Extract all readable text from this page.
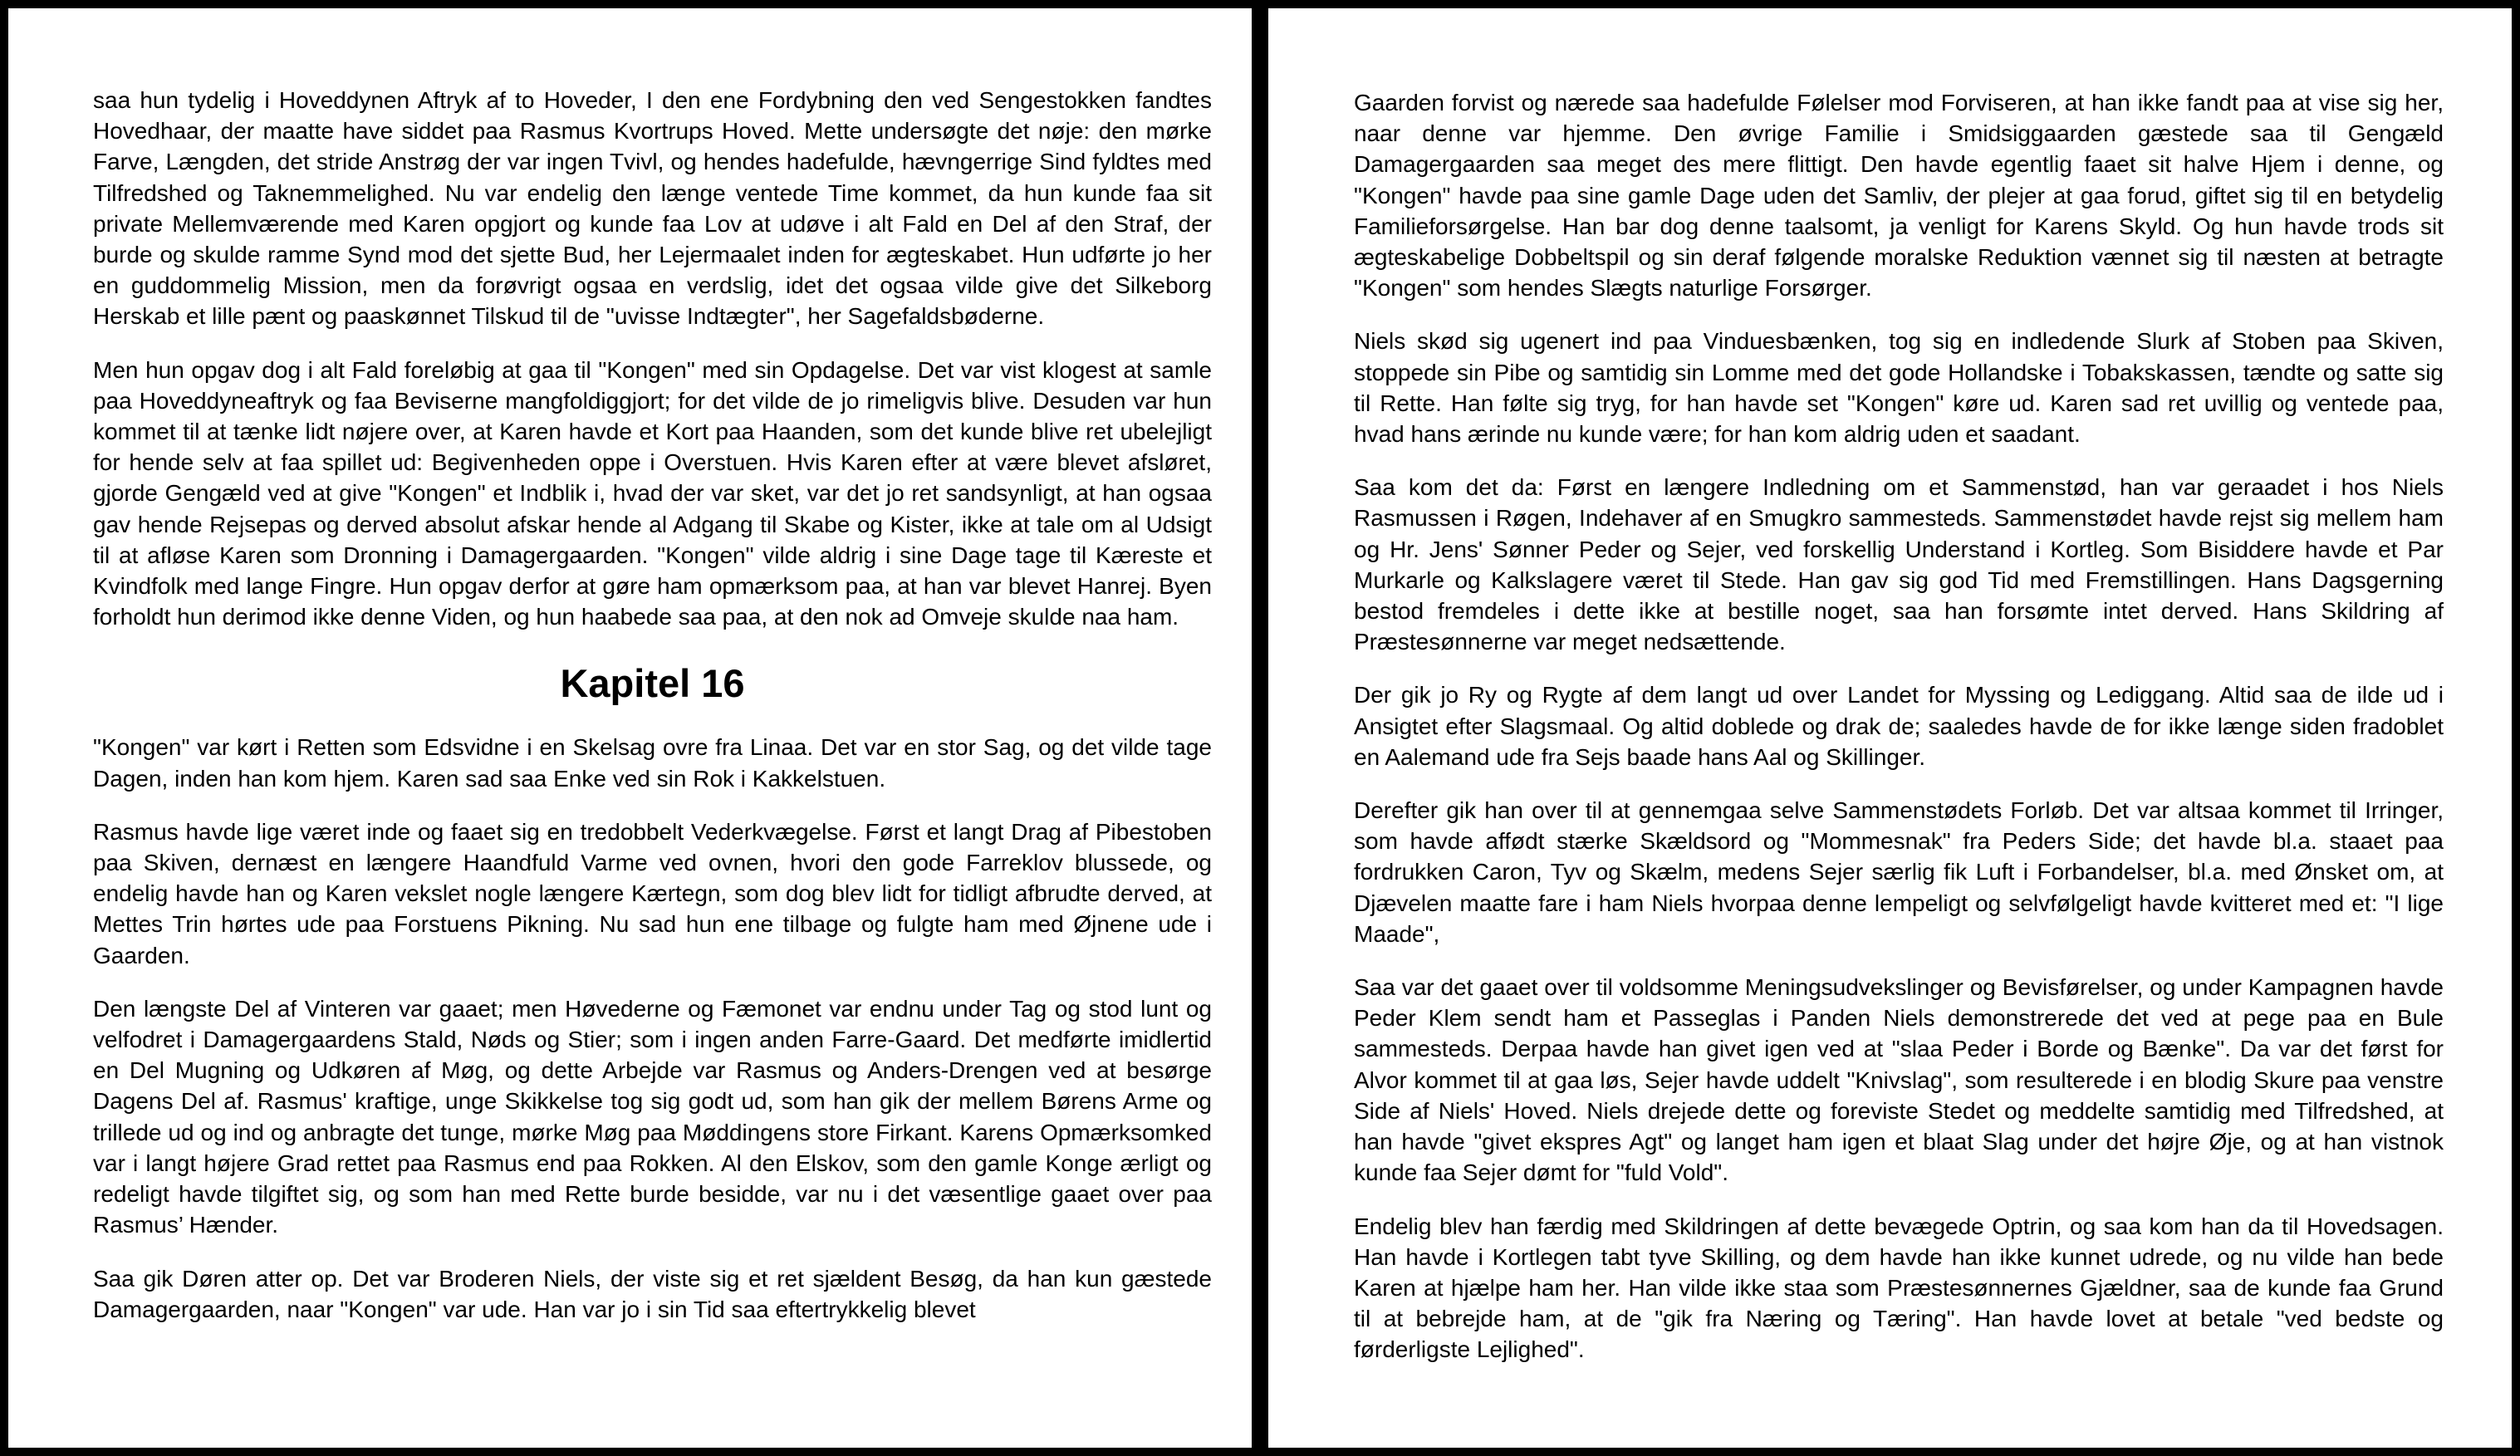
saa hun tydelig i Hoveddynen Aftryk af to Hoveder, I den ene Fordybning den ved Sengestokken fandtes Hovedhaar, der maatte have siddet paa Rasmus Kvortrups Hoved. Mette undersøgte det nøje: den mørke Farve, Længden, det stride Anstrøg der var ingen Tvivl, og hendes hadefulde, hævngerrige Sind fyldtes med Tilfredshed og Taknemmelighed. Nu var endelig den længe ventede Time kommet, da hun kunde faa sit private Mellemværende med Karen opgjort og kunde faa Lov at udøve i alt Fald en Del af den Straf, der burde og skulde ramme Synd mod det sjette Bud, her Lejermaalet inden for ægteskabet. Hun udførte jo her en guddommelig Mission, men da forøvrigt ogsaa en verdslig, idet det ogsaa vilde give det Silkeborg Herskab et lille pænt og paaskønnet Tilskud til de "uvisse Indtægter", her Sagefaldsbøderne.

Men hun opgav dog i alt Fald foreløbig at gaa til "Kongen" med sin Opdagelse. Det var vist klogest at samle paa Hoveddyneaftryk og faa Beviserne mangfoldiggjort; for det vilde de jo rimeligvis blive. Desuden var hun kommet til at tænke lidt nøjere over, at Karen havde et Kort paa Haanden, som det kunde blive ret ubelejligt for hende selv at faa spillet ud: Begivenheden oppe i Overstuen. Hvis Karen efter at være blevet afsløret, gjorde Gengæld ved at give "Kongen" et Indblik i, hvad der var sket, var det jo ret sandsynligt, at han ogsaa gav hende Rejsepas og derved absolut afskar hende al Adgang til Skabe og Kister, ikke at tale om al Udsigt til at afløse Karen som Dronning i Damagergaarden. "Kongen" vilde aldrig i sine Dage tage til Kæreste et Kvindfolk med lange Fingre. Hun opgav derfor at gøre ham opmærksom paa, at han var blevet Hanrej. Byen forholdt hun derimod ikke denne Viden, og hun haabede saa paa, at den nok ad Omveje skulde naa ham.

Kapitel 16

"Kongen" var kørt i Retten som Edsvidne i en Skelsag ovre fra Linaa. Det var en stor Sag, og det vilde tage Dagen, inden han kom hjem. Karen sad saa Enke ved sin Rok i Kakkelstuen.

Rasmus havde lige været inde og faaet sig en tredobbelt Vederkvægelse. Først et langt Drag af Pibestoben paa Skiven, dernæst en længere Haandfuld Varme ved ovnen, hvori den gode Farreklov blussede, og endelig havde han og Karen vekslet nogle længere Kærtegn, som dog blev lidt for tidligt afbrudte derved, at Mettes Trin hørtes ude paa Forstuens Pikning. Nu sad hun ene tilbage og fulgte ham med Øjnene ude i Gaarden.

Den længste Del af Vinteren var gaaet; men Høvederne og Fæmonet var endnu under Tag og stod lunt og velfodret i Damagergaardens Stald, Nøds og Stier; som i ingen anden Farre-Gaard. Det medførte imidlertid en Del Mugning og Udkøren af Møg, og dette Arbejde var Rasmus og Anders-Drengen ved at besørge Dagens Del af. Rasmus' kraftige, unge Skikkelse tog sig godt ud, som han gik der mellem Børens Arme og trillede ud og ind og anbragte det tunge, mørke Møg paa Møddingens store Firkant. Karens Opmærksomked var i langt højere Grad rettet paa Rasmus end paa Rokken. Al den Elskov, som den gamle Konge ærligt og redeligt havde tilgiftet sig, og som han med Rette burde besidde, var nu i det væsentlige gaaet over paa Rasmus’ Hænder.

Saa gik Døren atter op. Det var Broderen Niels, der viste sig et ret sjældent Besøg, da han kun gæstede Damagergaarden, naar "Kongen" var ude. Han var jo i sin Tid saa eftertrykkelig blevet

Gaarden forvist og nærede saa hadefulde Følelser mod Forviseren, at han ikke fandt paa at vise sig her, naar denne var hjemme. Den øvrige Familie i Smidsiggaarden gæstede saa til Gengæld Damagergaarden saa meget des mere flittigt. Den havde egentlig faaet sit halve Hjem i denne, og "Kongen" havde paa sine gamle Dage uden det Samliv, der plejer at gaa forud, giftet sig til en betydelig Familieforsørgelse. Han bar dog denne taalsomt, ja venligt for Karens Skyld. Og hun havde trods sit ægteskabelige Dobbeltspil og sin deraf følgende moralske Reduktion vænnet sig til næsten at betragte "Kongen" som hendes Slægts naturlige Forsørger.

Niels skød sig ugenert ind paa Vinduesbænken, tog sig en indledende Slurk af Stoben paa Skiven, stoppede sin Pibe og samtidig sin Lomme med det gode Hollandske i Tobakskassen, tændte og satte sig til Rette. Han følte sig tryg, for han havde set "Kongen" køre ud. Karen sad ret uvillig og ventede paa, hvad hans ærinde nu kunde være; for han kom aldrig uden et saadant.

Saa kom det da: Først en længere Indledning om et Sammenstød, han var geraadet i hos Niels Rasmussen i Røgen, Indehaver af en Smugkro sammesteds. Sammenstødet havde rejst sig mellem ham og Hr. Jens' Sønner Peder og Sejer, ved forskellig Understand i Kortleg. Som Bisiddere havde et Par Murkarle og Kalkslagere været til Stede. Han gav sig god Tid med Fremstillingen. Hans Dagsgerning bestod fremdeles i dette ikke at bestille noget, saa han forsømte intet derved. Hans Skildring af Præstesønnerne var meget nedsættende.

Der gik jo Ry og Rygte af dem langt ud over Landet for Myssing og Lediggang. Altid saa de ilde ud i Ansigtet efter Slagsmaal. Og altid doblede og drak de; saaledes havde de for ikke længe siden fradoblet en Aalemand ude fra Sejs baade hans Aal og Skillinger.

Derefter gik han over til at gennemgaa selve Sammenstødets Forløb. Det var altsaa kommet til Irringer, som havde affødt stærke Skældsord og "Mommesnak" fra Peders Side; det havde bl.a. staaet paa fordrukken Caron, Tyv og Skælm, medens Sejer særlig fik Luft i Forbandelser, bl.a. med Ønsket om, at Djævelen maatte fare i ham Niels hvorpaa denne lempeligt og selvfølgeligt havde kvitteret med et: "I lige Maade",

Saa var det gaaet over til voldsomme Meningsudvekslinger og Bevisførelser, og under Kampagnen havde Peder Klem sendt ham et Passeglas i Panden Niels demonstrerede det ved at pege paa en Bule sammesteds. Derpaa havde han givet igen ved at "slaa Peder i Borde og Bænke". Da var det først for Alvor kommet til at gaa løs, Sejer havde uddelt "Knivslag", som resulterede i en blodig Skure paa venstre Side af Niels' Hoved. Niels drejede dette og foreviste Stedet og meddelte samtidig med Tilfredshed, at han havde "givet ekspres Agt" og langet ham igen et blaat Slag under det højre Øje, og at han vistnok kunde faa Sejer dømt for "fuld Vold".

Endelig blev han færdig med Skildringen af dette bevægede Optrin, og saa kom han da til Hovedsagen. Han havde i Kortlegen tabt tyve Skilling, og dem havde han ikke kunnet udrede, og nu vilde han bede Karen at hjælpe ham her. Han vilde ikke staa som Præstesønnernes Gjældner, saa de kunde faa Grund til at bebrejde ham, at de "gik fra Næring og Tæring". Han havde lovet at betale "ved bedste og førderligste Lejlighed".
